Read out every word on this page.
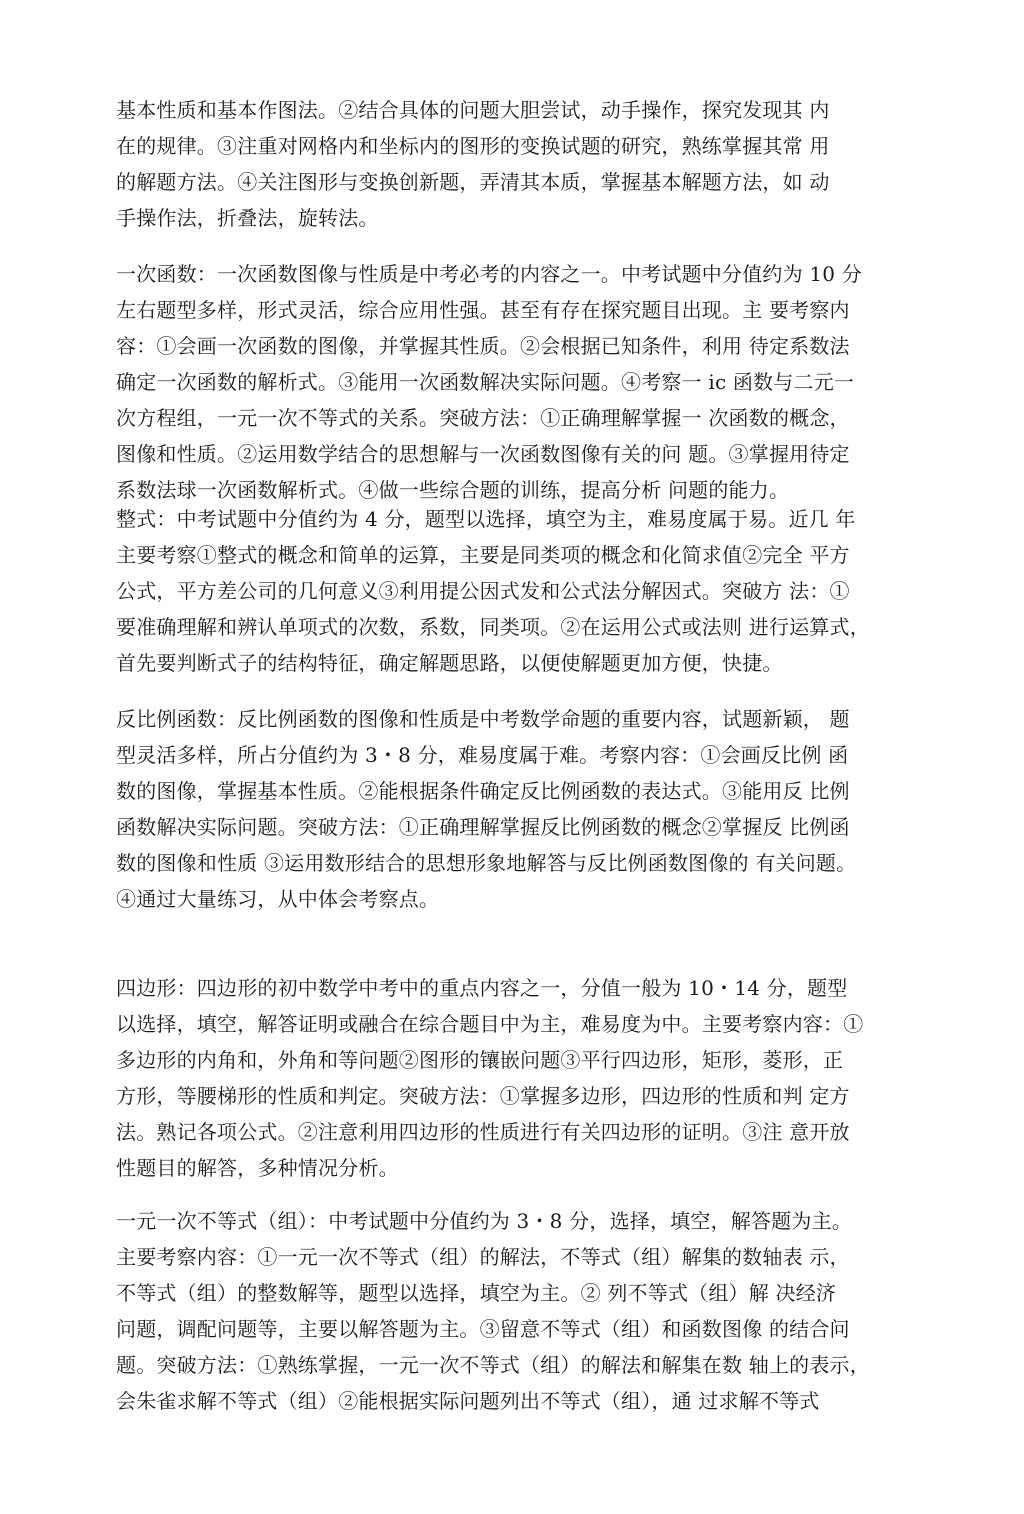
基本性质和基本作图法。②结合具体的问题大胆尝试，动手操作，探究发现其 内
在的规律。③注重对网格内和坐标内的图形的变换试题的研究，熟练掌握其常 用
的解题方法。④关注图形与变换创新题，弄清其本质，掌握基本解题方法，如 动
手操作法，折叠法，旋转法。
一次函数：一次函数图像与性质是中考必考的内容之一。中考试题中分值约为 10 分
左右题型多样，形式灵活，综合应用性强。甚至有存在探究题目出现。主 要考察内
容：①会画一次函数的图像，并掌握其性质。②会根据已知条件，利用 待定系数法
确定一次函数的解析式。③能用一次函数解决实际问题。④考察一 ic 函数与二元一
次方程组，一元一次不等式的关系。突破方法：①正确理解掌握一 次函数的概念，
图像和性质。②运用数学结合的思想解与一次函数图像有关的问 题。③掌握用待定
系数法球一次函数解析式。④做一些综合题的训练，提高分析 问题的能力。
整式：中考试题中分值约为 4 分，题型以选择，填空为主，难易度属于易。近几 年
主要考察①整式的概念和简单的运算，主要是同类项的概念和化简求值②完全 平方
公式，平方差公司的几何意义③利用提公因式发和公式法分解因式。突破方 法：①
要准确理解和辨认单项式的次数，系数，同类项。②在运用公式或法则 进行运算式，
首先要判断式子的结构特征，确定解题思路，以便使解题更加方便，快捷。
反比例函数：反比例函数的图像和性质是中考数学命题的重要内容，试题新颖， 题
型灵活多样，所占分值约为 3・8 分，难易度属于难。考察内容：①会画反比例 函
数的图像，掌握基本性质。②能根据条件确定反比例函数的表达式。③能用反 比例
函数解决实际问题。突破方法：①正确理解掌握反比例函数的概念②掌握反 比例函
数的图像和性质 ③运用数形结合的思想形象地解答与反比例函数图像的 有关问题。
④通过大量练习，从中体会考察点。
四边形：四边形的初中数学中考中的重点内容之一，分值一般为 10・14 分，题型
以选择，填空，解答证明或融合在综合题目中为主，难易度为中。主要考察内容：①
多边形的内角和，外角和等问题②图形的镶嵌问题③平行四边形，矩形，菱形，正
方形，等腰梯形的性质和判定。突破方法：①掌握多边形，四边形的性质和判 定方
法。熟记各项公式。②注意利用四边形的性质进行有关四边形的证明。③注 意开放
性题目的解答，多种情况分析。
一元一次不等式（组）：中考试题中分值约为 3・8 分，选择，填空，解答题为主。
主要考察内容：①一元一次不等式（组）的解法，不等式（组）解集的数轴表 示，
不等式（组）的整数解等，题型以选择，填空为主。② 列不等式（组）解 决经济
问题，调配问题等，主要以解答题为主。③留意不等式（组）和函数图像 的结合问
题。突破方法：①熟练掌握，一元一次不等式（组）的解法和解集在数 轴上的表示，
会朱雀求解不等式（组）②能根据实际问题列出不等式（组），通 过求解不等式
